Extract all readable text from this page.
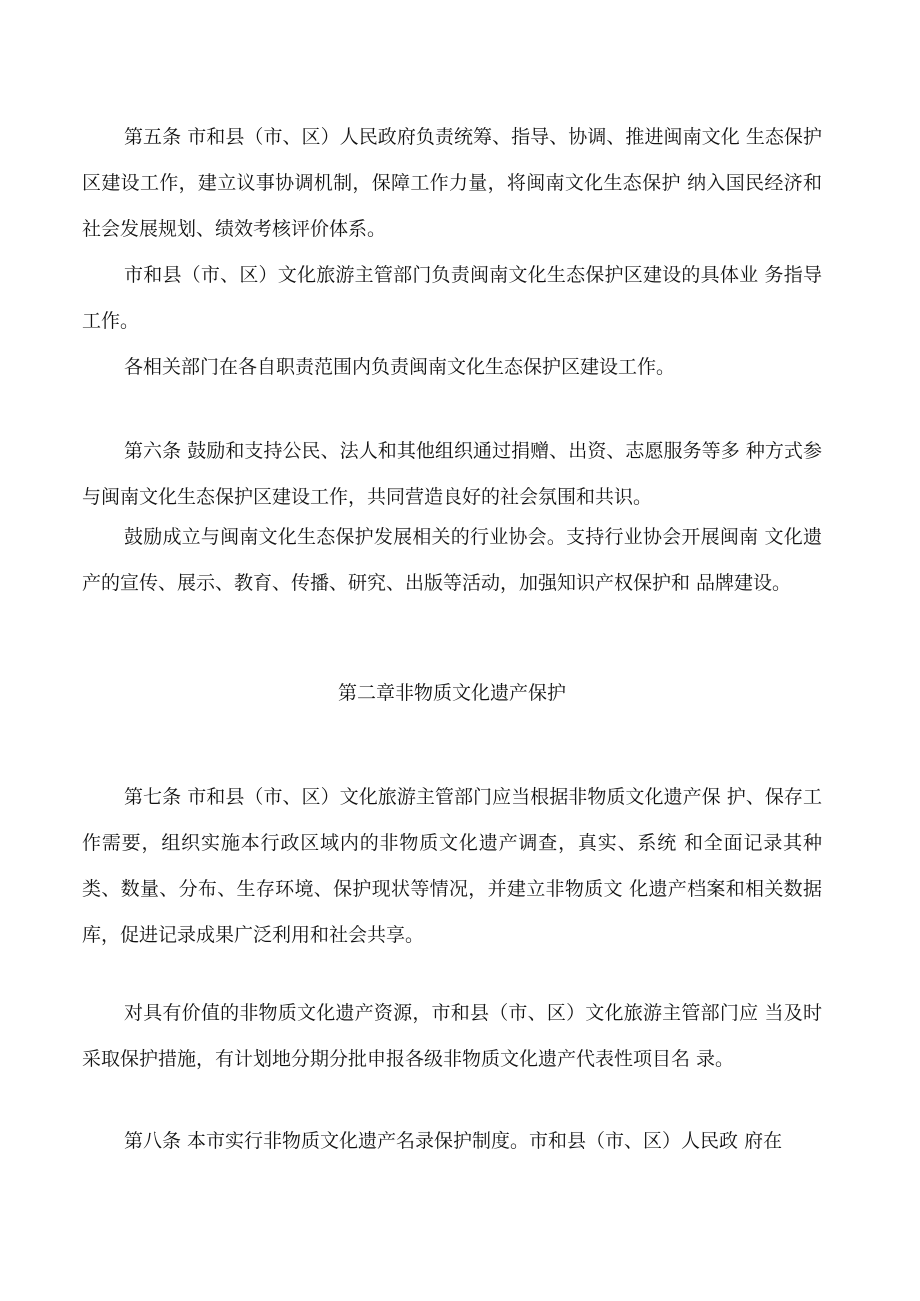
第五条 市和县（市、区）人民政府负责统筹、指导、协调、推进闽南文化 生态保护区建设工作，建立议事协调机制，保障工作力量，将闽南文化生态保护 纳入国民经济和社会发展规划、绩效考核评价体系。

市和县（市、区）文化旅游主管部门负责闽南文化生态保护区建设的具体业 务指导工作。

各相关部门在各自职责范围内负责闽南文化生态保护区建设工作。

第六条 鼓励和支持公民、法人和其他组织通过捐赠、出资、志愿服务等多 种方式参与闽南文化生态保护区建设工作，共同营造良好的社会氛围和共识。

鼓励成立与闽南文化生态保护发展相关的行业协会。支持行业协会开展闽南 文化遗产的宣传、展示、教育、传播、研究、出版等活动，加强知识产权保护和 品牌建设。

第二章非物质文化遗产保护

第七条 市和县（市、区）文化旅游主管部门应当根据非物质文化遗产保 护、保存工作需要，组织实施本行政区域内的非物质文化遗产调查，真实、系统 和全面记录其种类、数量、分布、生存环境、保护现状等情况，并建立非物质文 化遗产档案和相关数据库，促进记录成果广泛利用和社会共享。

对具有价值的非物质文化遗产资源，市和县（市、区）文化旅游主管部门应 当及时采取保护措施，有计划地分期分批申报各级非物质文化遗产代表性项目名 录。

第八条 本市实行非物质文化遗产名录保护制度。市和县（市、区）人民政 府在
